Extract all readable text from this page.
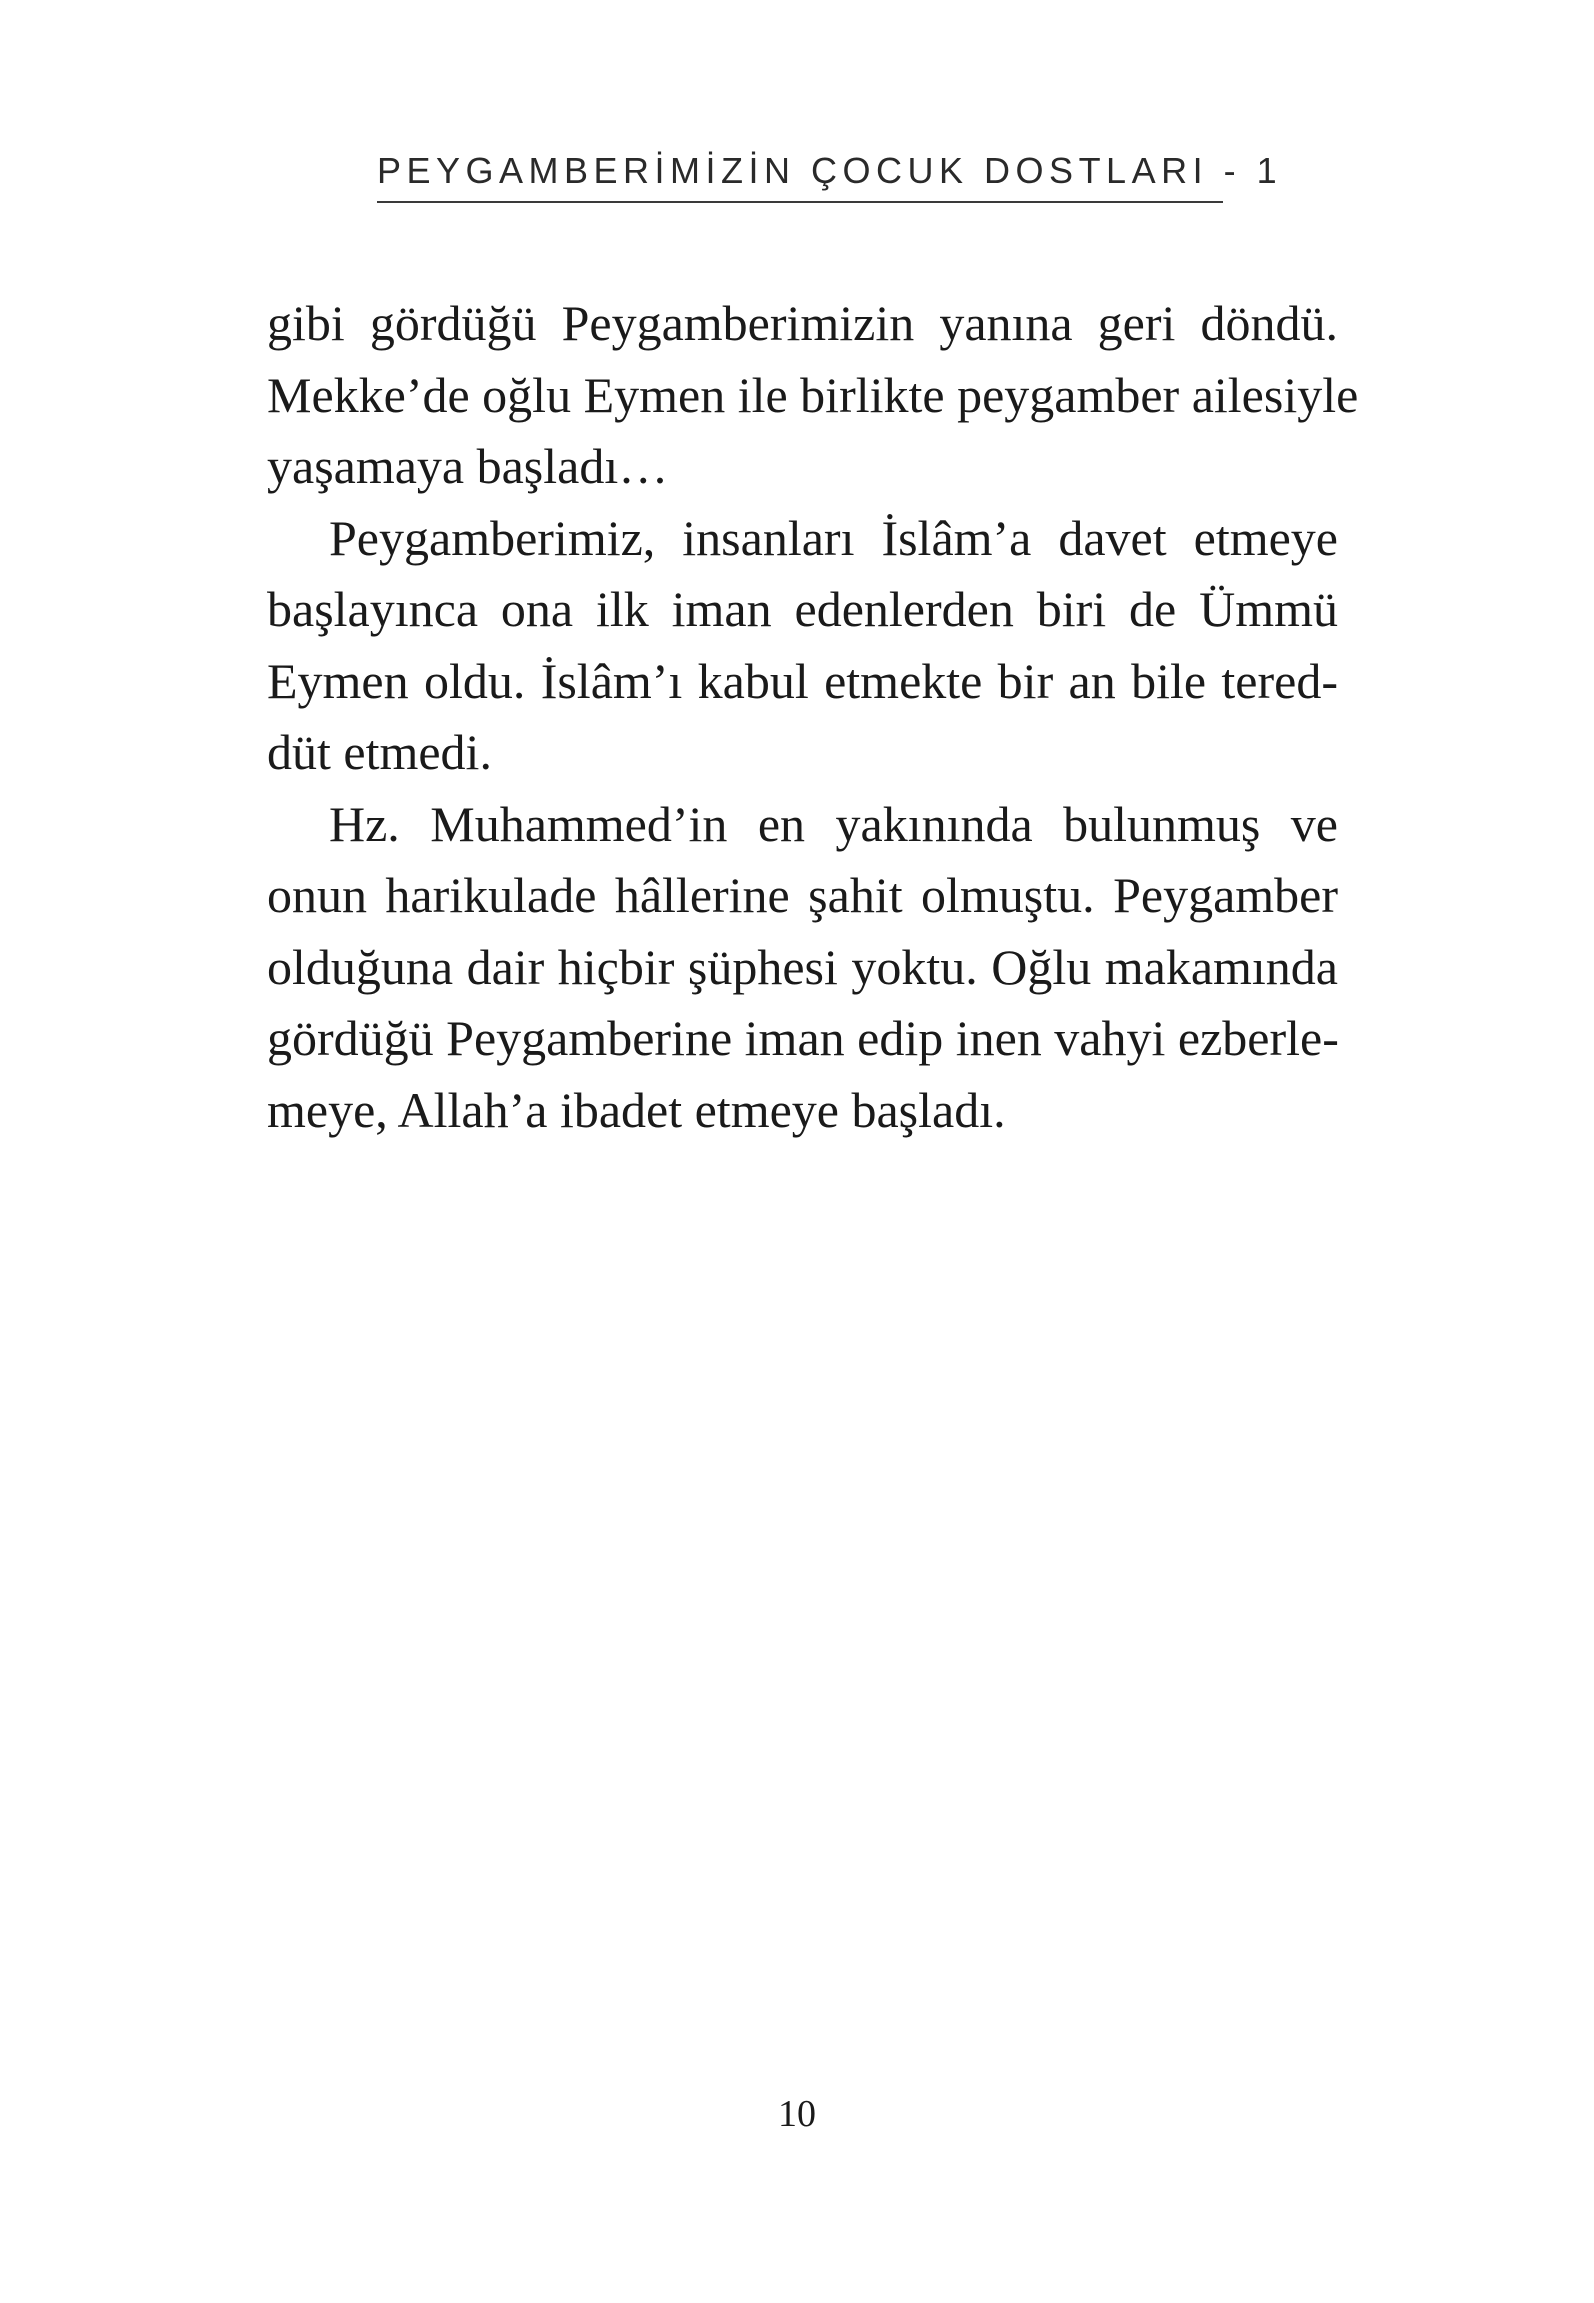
PEYGAMBERİMİZİN ÇOCUK DOSTLARI - 1
gibi gördüğü Peygamberimizin yanına geri döndü.
Mekke’de oğlu Eymen ile birlikte peygamber ailesiyle
yaşamaya başladı…
Peygamberimiz, insanları İslâm’a davet etmeye
başlayınca ona ilk iman edenlerden biri de Ümmü
Eymen oldu. İslâm’ı kabul etmekte bir an bile tered-
düt etmedi.
Hz. Muhammed’in en yakınında bulunmuş ve
onun harikulade hâllerine şahit olmuştu. Peygamber
olduğuna dair hiçbir şüphesi yoktu. Oğlu makamında
gördüğü Peygamberine iman edip inen vahyi ezberle-
meye, Allah’a ibadet etmeye başladı.
10
